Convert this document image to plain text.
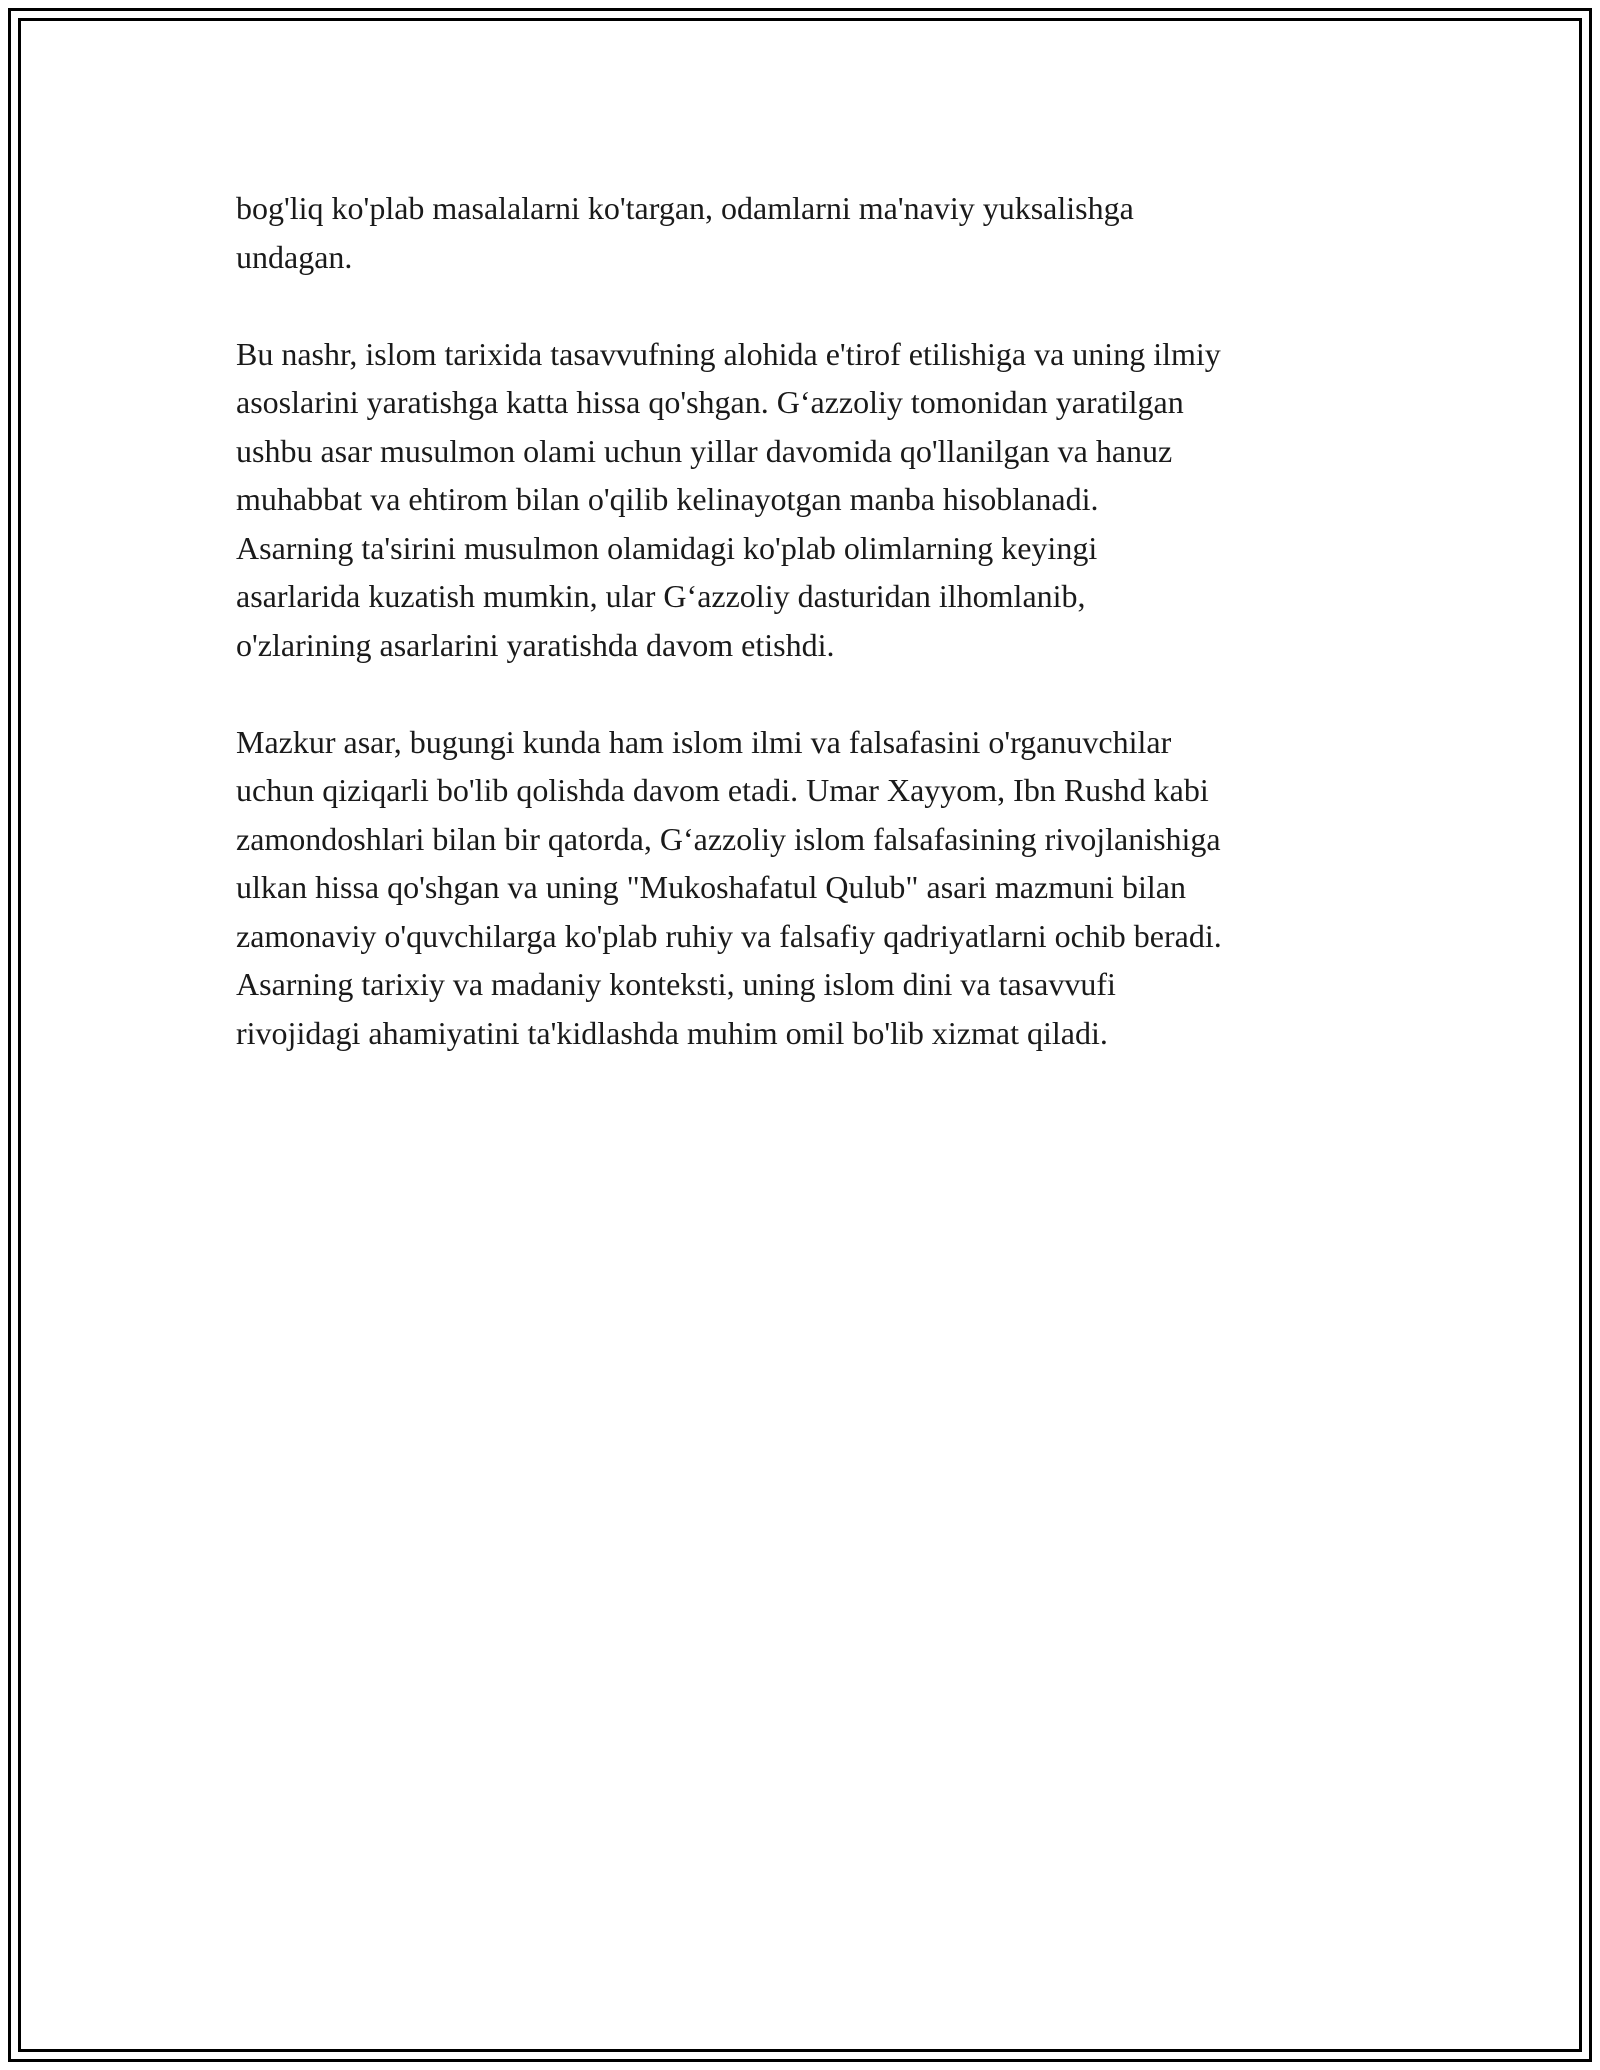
bog'liq ko'plab masalalarni ko'targan, odamlarni ma'naviy yuksalishga
undagan.

Bu nashr, islom tarixida tasavvufning alohida e'tirof etilishiga va uning ilmiy
asoslarini yaratishga katta hissa qo'shgan. G‘azzoliy tomonidan yaratilgan
ushbu asar musulmon olami uchun yillar davomida qo'llanilgan va hanuz
muhabbat va ehtirom bilan o'qilib kelinayotgan manba hisoblanadi.
Asarning ta'sirini musulmon olamidagi ko'plab olimlarning keyingi
asarlarida kuzatish mumkin, ular G‘azzoliy dasturidan ilhomlanib,
o'zlarining asarlarini yaratishda davom etishdi.

Mazkur asar, bugungi kunda ham islom ilmi va falsafasini o'rganuvchilar
uchun qiziqarli bo'lib qolishda davom etadi. Umar Xayyom, Ibn Rushd kabi
zamondoshlari bilan bir qatorda, G‘azzoliy islom falsafasining rivojlanishiga
ulkan hissa qo'shgan va uning "Mukoshafatul Qulub" asari mazmuni bilan
zamonaviy o'quvchilarga ko'plab ruhiy va falsafiy qadriyatlarni ochib beradi.
Asarning tarixiy va madaniy konteksti, uning islom dini va tasavvufi
rivojidagi ahamiyatini ta'kidlashda muhim omil bo'lib xizmat qiladi.
